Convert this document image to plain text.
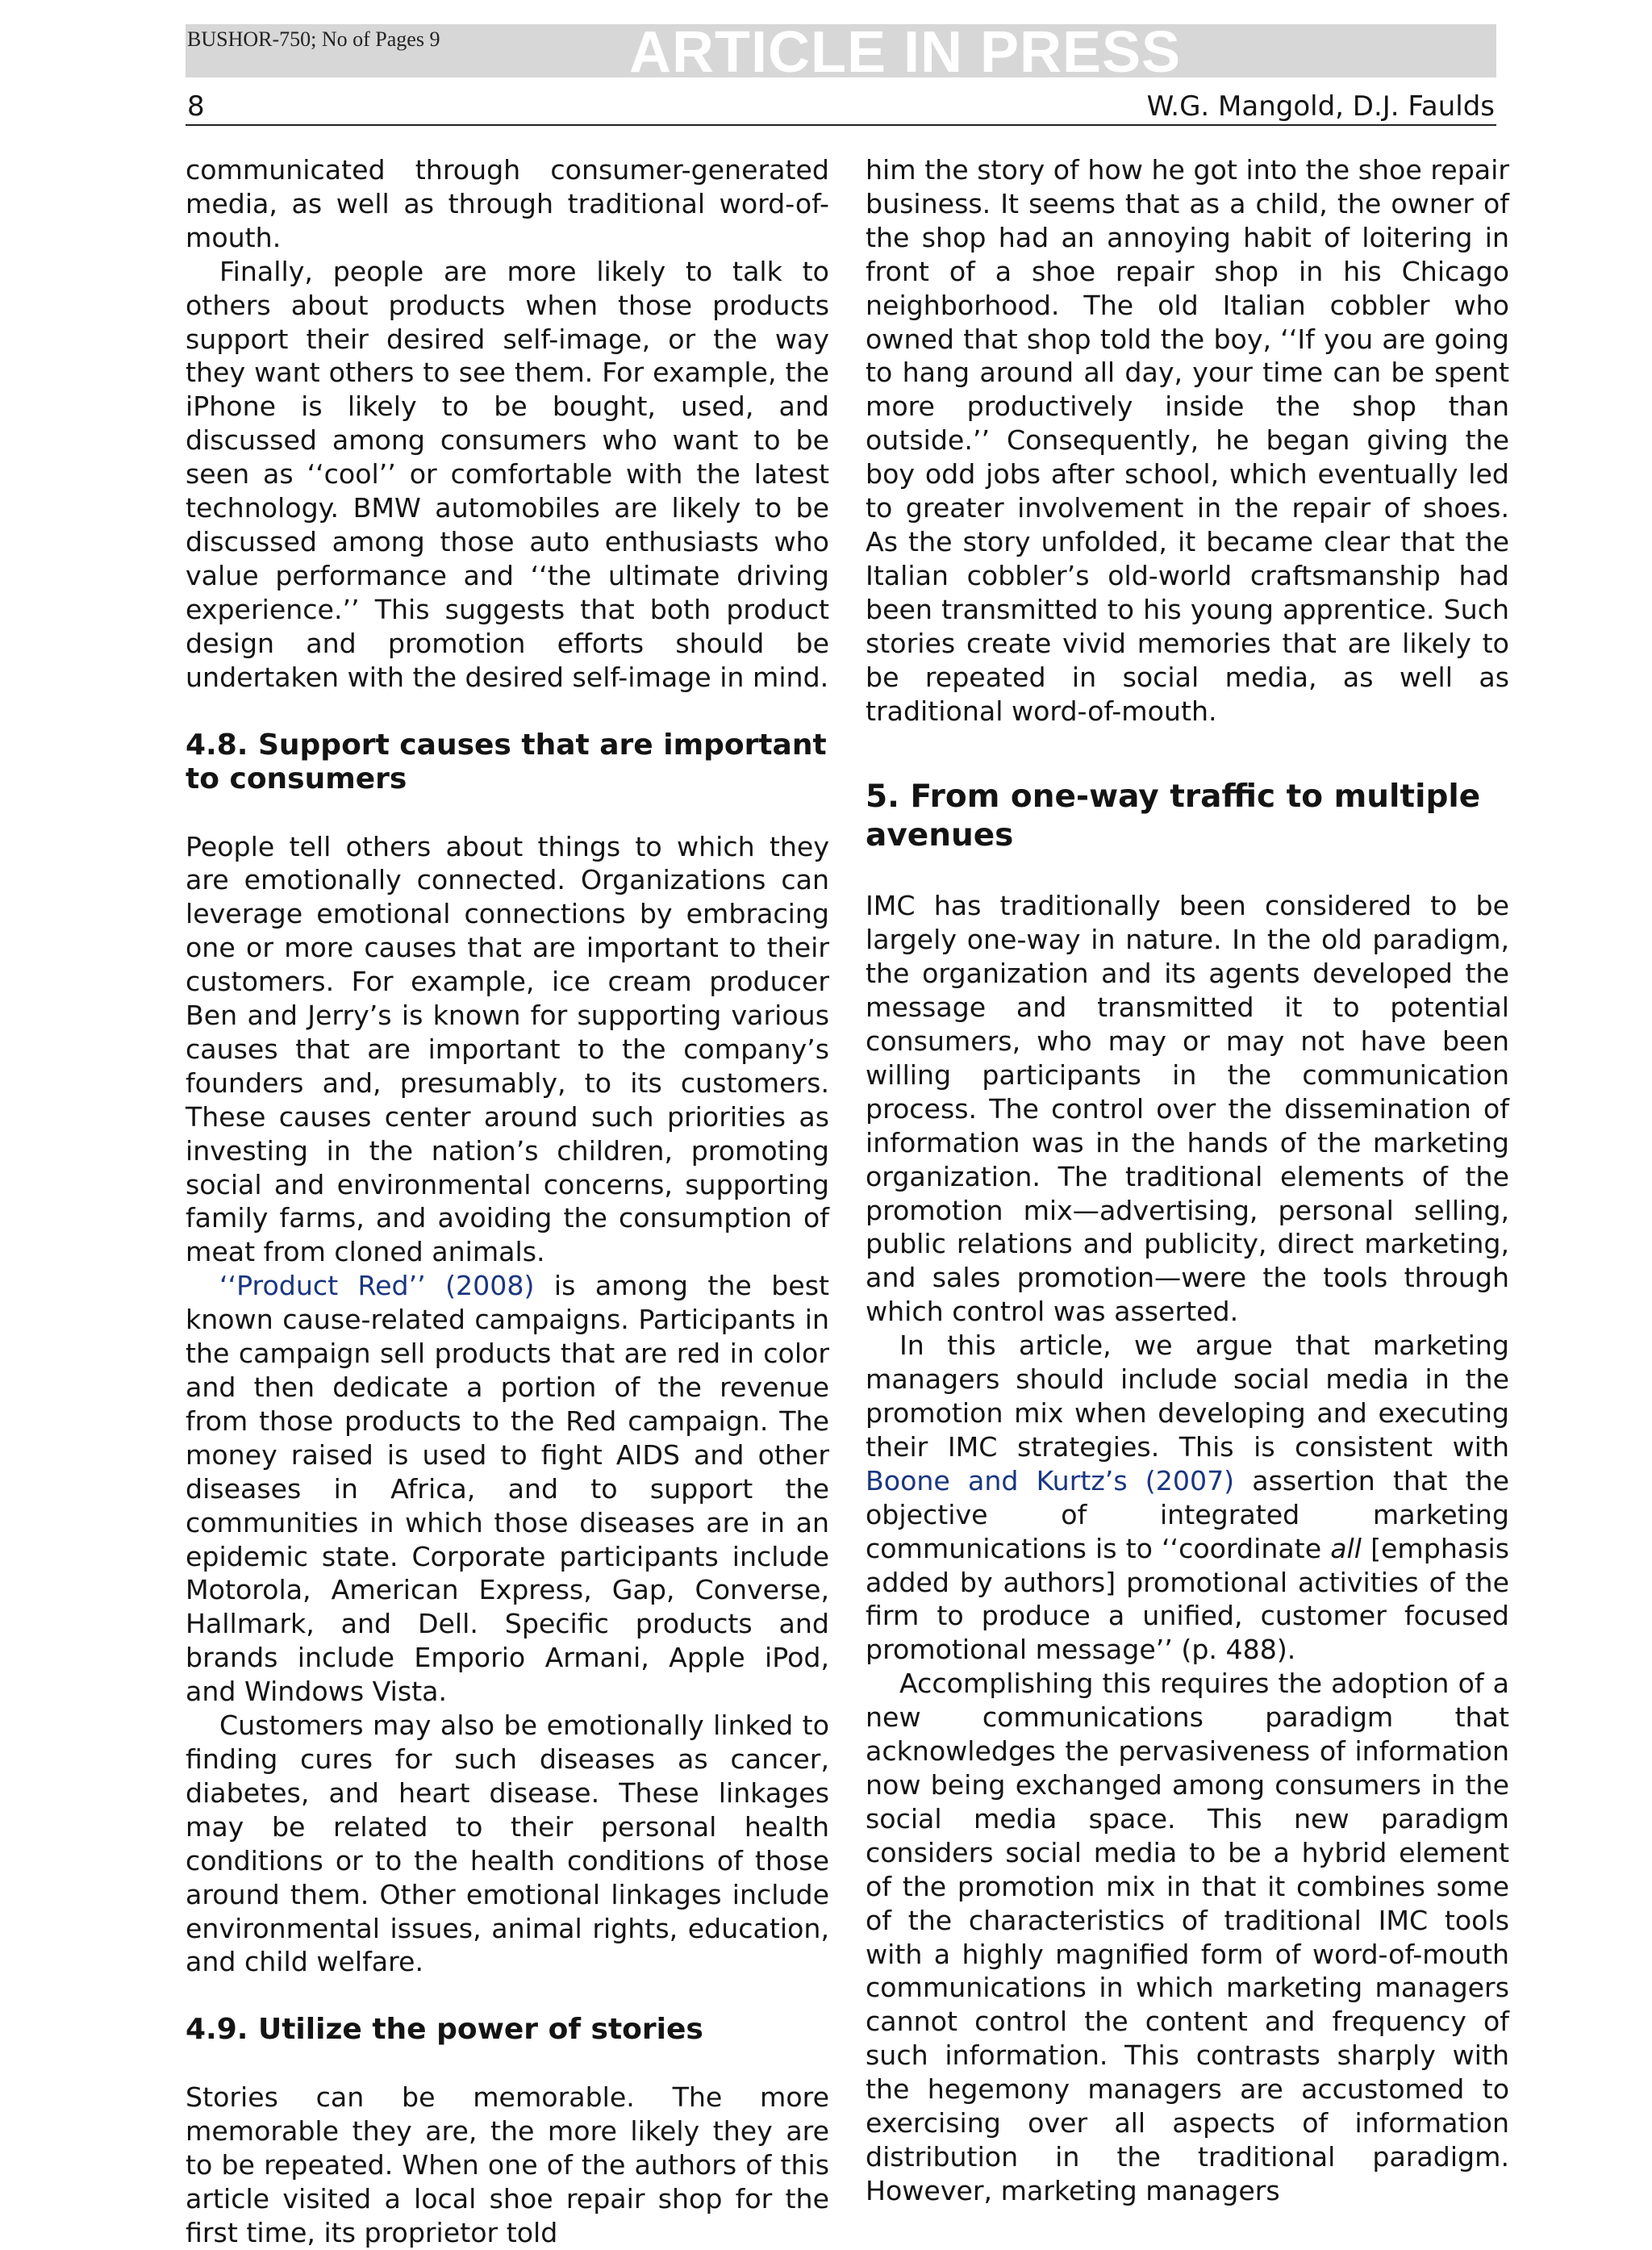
BUSHOR-750; No of Pages 9	ARTICLE IN PRESS
8	W.G. Mangold, D.J. Faulds

communicated through consumer-generated media, as well as through traditional word-of-mouth.

Finally, people are more likely to talk to others about products when those products support their desired self-image, or the way they want others to see them. For example, the iPhone is likely to be bought, used, and discussed among consumers who want to be seen as ‘‘cool’’ or comfortable with the latest technology. BMW automobiles are likely to be discussed among those auto enthusiasts who value performance and ‘‘the ultimate driving experience.’’ This suggests that both product design and promotion efforts should be undertaken with the desired self-image in mind.

4.8. Support causes that are important to consumers

People tell others about things to which they are emotionally connected. Organizations can leverage emotional connections by embracing one or more causes that are important to their customers. For example, ice cream producer Ben and Jerry’s is known for supporting various causes that are important to the company’s founders and, presumably, to its customers. These causes center around such priorities as investing in the nation’s children, promoting social and environmental concerns, supporting family farms, and avoiding the consumption of meat from cloned animals.

‘‘Product Red’’ (2008) is among the best known cause-related campaigns. Participants in the campaign sell products that are red in color and then dedicate a portion of the revenue from those products to the Red campaign. The money raised is used to fight AIDS and other diseases in Africa, and to support the communities in which those diseases are in an epidemic state. Corporate participants include Motorola, American Express, Gap, Converse, Hallmark, and Dell. Specific products and brands include Emporio Armani, Apple iPod, and Windows Vista.

Customers may also be emotionally linked to finding cures for such diseases as cancer, diabetes, and heart disease. These linkages may be related to their personal health conditions or to the health conditions of those around them. Other emotional linkages include environmental issues, animal rights, education, and child welfare.

4.9. Utilize the power of stories

Stories can be memorable. The more memorable they are, the more likely they are to be repeated. When one of the authors of this article visited a local shoe repair shop for the first time, its proprietor told

him the story of how he got into the shoe repair business. It seems that as a child, the owner of the shop had an annoying habit of loitering in front of a shoe repair shop in his Chicago neighborhood. The old Italian cobbler who owned that shop told the boy, ‘‘If you are going to hang around all day, your time can be spent more productively inside the shop than outside.’’ Consequently, he began giving the boy odd jobs after school, which eventually led to greater involvement in the repair of shoes. As the story unfolded, it became clear that the Italian cobbler’s old-world craftsmanship had been transmitted to his young apprentice. Such stories create vivid memories that are likely to be repeated in social media, as well as traditional word-of-mouth.

5. From one-way traffic to multiple avenues

IMC has traditionally been considered to be largely one-way in nature. In the old paradigm, the organization and its agents developed the message and transmitted it to potential consumers, who may or may not have been willing participants in the communication process. The control over the dissemination of information was in the hands of the marketing organization. The traditional elements of the promotion mix—advertising, personal selling, public relations and publicity, direct marketing, and sales promotion—were the tools through which control was asserted.

In this article, we argue that marketing managers should include social media in the promotion mix when developing and executing their IMC strategies. This is consistent with Boone and Kurtz’s (2007) assertion that the objective of integrated marketing communications is to ‘‘coordinate all [emphasis added by authors] promotional activities of the firm to produce a unified, customer focused promotional message’’ (p. 488).

Accomplishing this requires the adoption of a new communications paradigm that acknowledges the pervasiveness of information now being exchanged among consumers in the social media space. This new paradigm considers social media to be a hybrid element of the promotion mix in that it combines some of the characteristics of traditional IMC tools with a highly magnified form of word-of-mouth communications in which marketing managers cannot control the content and frequency of such information. This contrasts sharply with the hegemony managers are accustomed to exercising over all aspects of information distribution in the traditional paradigm. However, marketing managers
